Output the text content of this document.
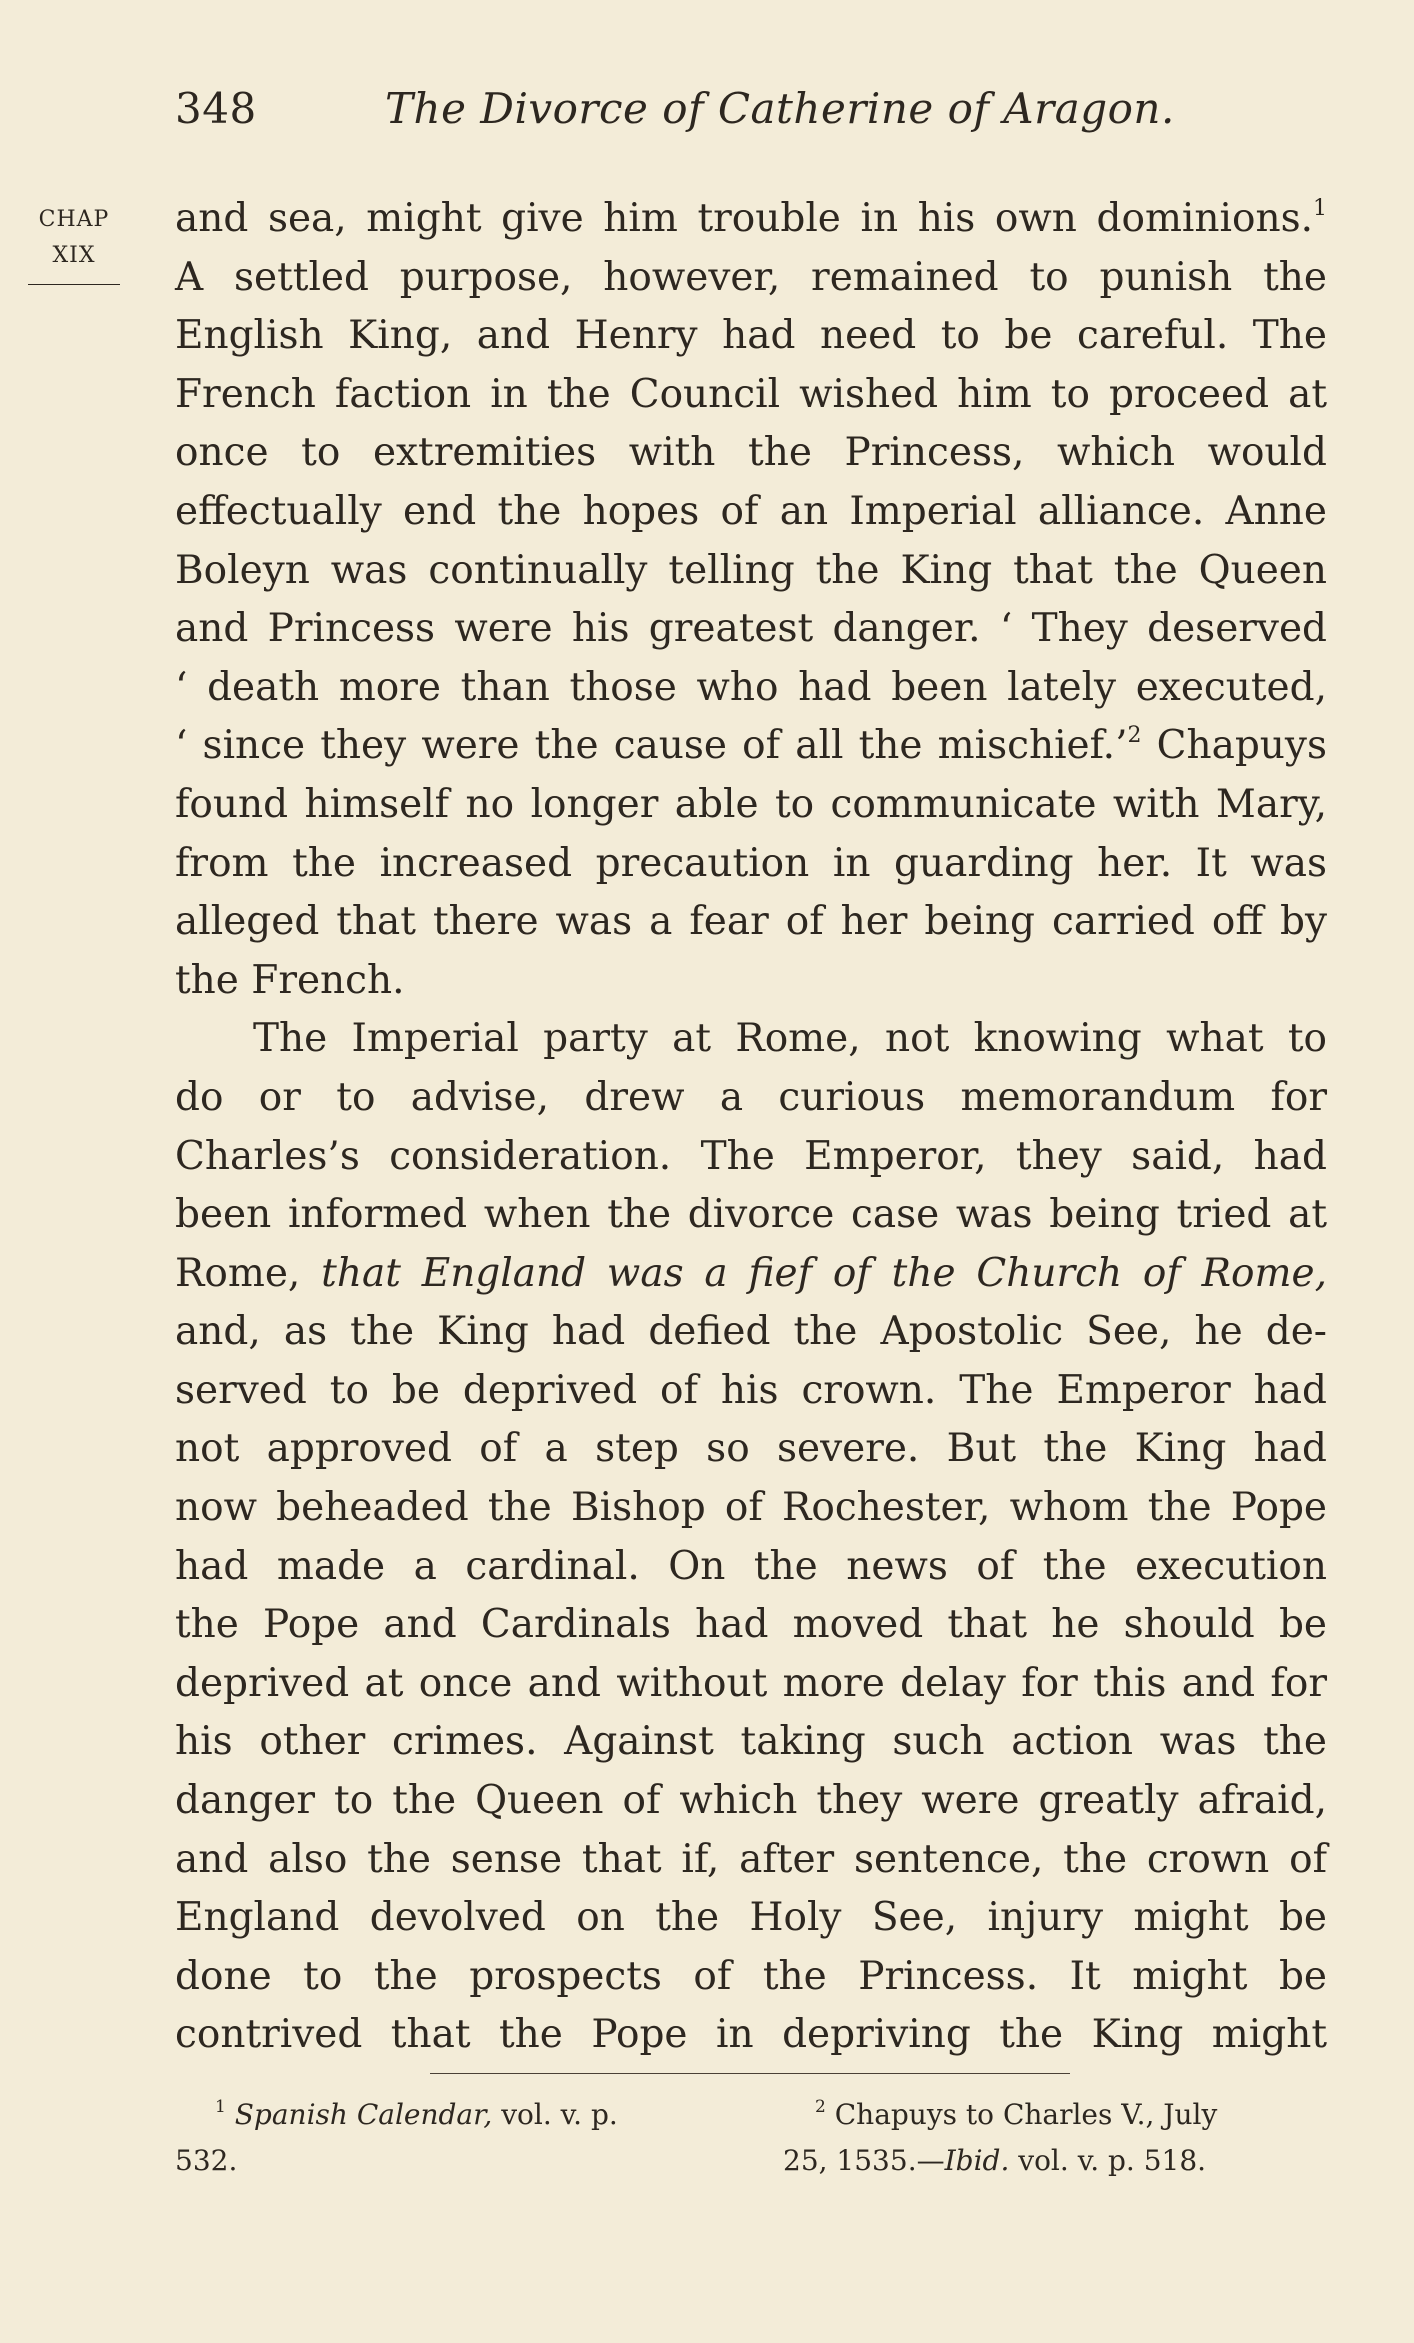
348	The Divorce of Catherine of Aragon.
CHAP
XIX
and sea, might give him trouble in his own dominions.$^1$
A settled purpose, however, remained to punish the
English King, and Henry had need to be careful. The
French faction in the Council wished him to proceed at
once to extremities with the Princess, which would
effectually end the hopes of an Imperial alliance. Anne
Boleyn was continually telling the King that the Queen
and Princess were his greatest danger. ‘ They deserved
‘ death more than those who had been lately executed,
‘ since they were the cause of all the mischief.’$^2$ Chapuys
found himself no longer able to communicate with Mary,
from the increased precaution in guarding her. It was
alleged that there was a fear of her being carried off by
the French.
The Imperial party at Rome, not knowing what to
do or to advise, drew a curious memorandum for
Charles’s consideration. The Emperor, they said, had
been informed when the divorce case was being tried at
Rome, that England was a fief of the Church of Rome,
and, as the King had defied the Apostolic See, he de-
served to be deprived of his crown. The Emperor had
not approved of a step so severe. But the King had
now beheaded the Bishop of Rochester, whom the Pope
had made a cardinal. On the news of the execution
the Pope and Cardinals had moved that he should be
deprived at once and without more delay for this and for
his other crimes. Against taking such action was the
danger to the Queen of which they were greatly afraid,
and also the sense that if, after sentence, the crown of
England devolved on the Holy See, injury might be
done to the prospects of the Princess. It might be
contrived that the Pope in depriving the King might
$^1$ Spanish Calendar, vol. v. p.
532.
$^2$ Chapuys to Charles V., July
25, 1535.—Ibid. vol. v. p. 518.
